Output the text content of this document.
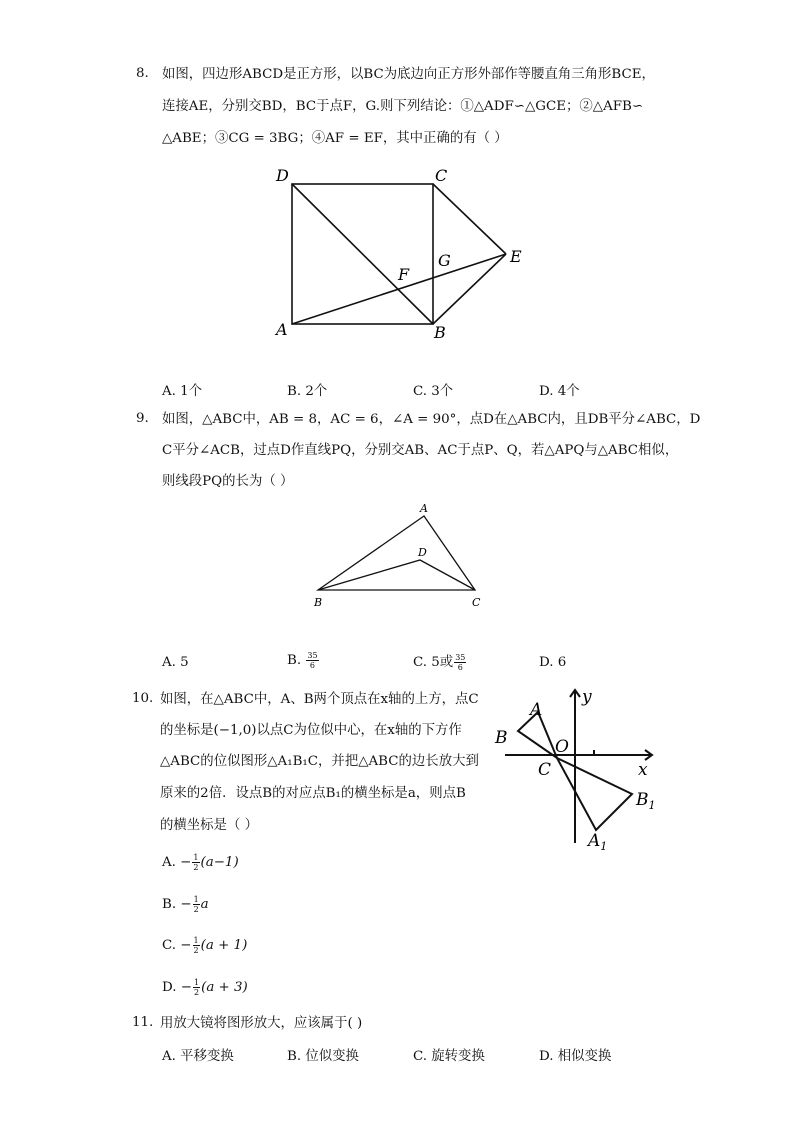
8. 如图，四边形ABCD是正方形，以BC为底边向正方形外部作等腰直角三角形BCE，
连接AE，分别交BD，BC于点F，G.则下列结论：①△ADF∽△GCE；②△AFB∽
△ABE；③CG = 3BG；④AF = EF，其中正确的有（ ）
D	C
E
F
G
A	B
A. 1个	B. 2个	C. 3个	D. 4个
9. 如图，△ABC中，AB = 8，AC = 6，∠A = 90°，点D在△ABC内，且DB平分∠ABC，D
C平分∠ACB，过点D作直线PQ，分别交AB、AC于点P、Q，若△APQ与△ABC相似，
则线段PQ的长为（ ）
A
D
B	C
A. 5	B. $\frac{35}{6}$	C. 5或 $\frac{35}{6}$	D. 6
10. 如图，在△ABC中，A、B两个顶点在x轴的上方，点C
的坐标是(−1,0)以点C为位似中心，在x轴的下方作
△ABC的位似图形△A₁B₁C，并把△ABC的边长放大到
原来的2倍．设点B的对应点B₁的横坐标是a，则点B
的横坐标是（ ）
y
A
B	O
C	x
$B_1$
$A_1$
A. − $\frac{1}{2} (a-1)$
B. − $\frac{1}{2}$ a
C. − $\frac{1}{2} (a + 1)$
D. − $\frac{1}{2} (a + 3)$
11. 用放大镜将图形放大，应该属于( )
A. 平移变换	B. 位似变换	C. 旋转变换	D. 相似变换
